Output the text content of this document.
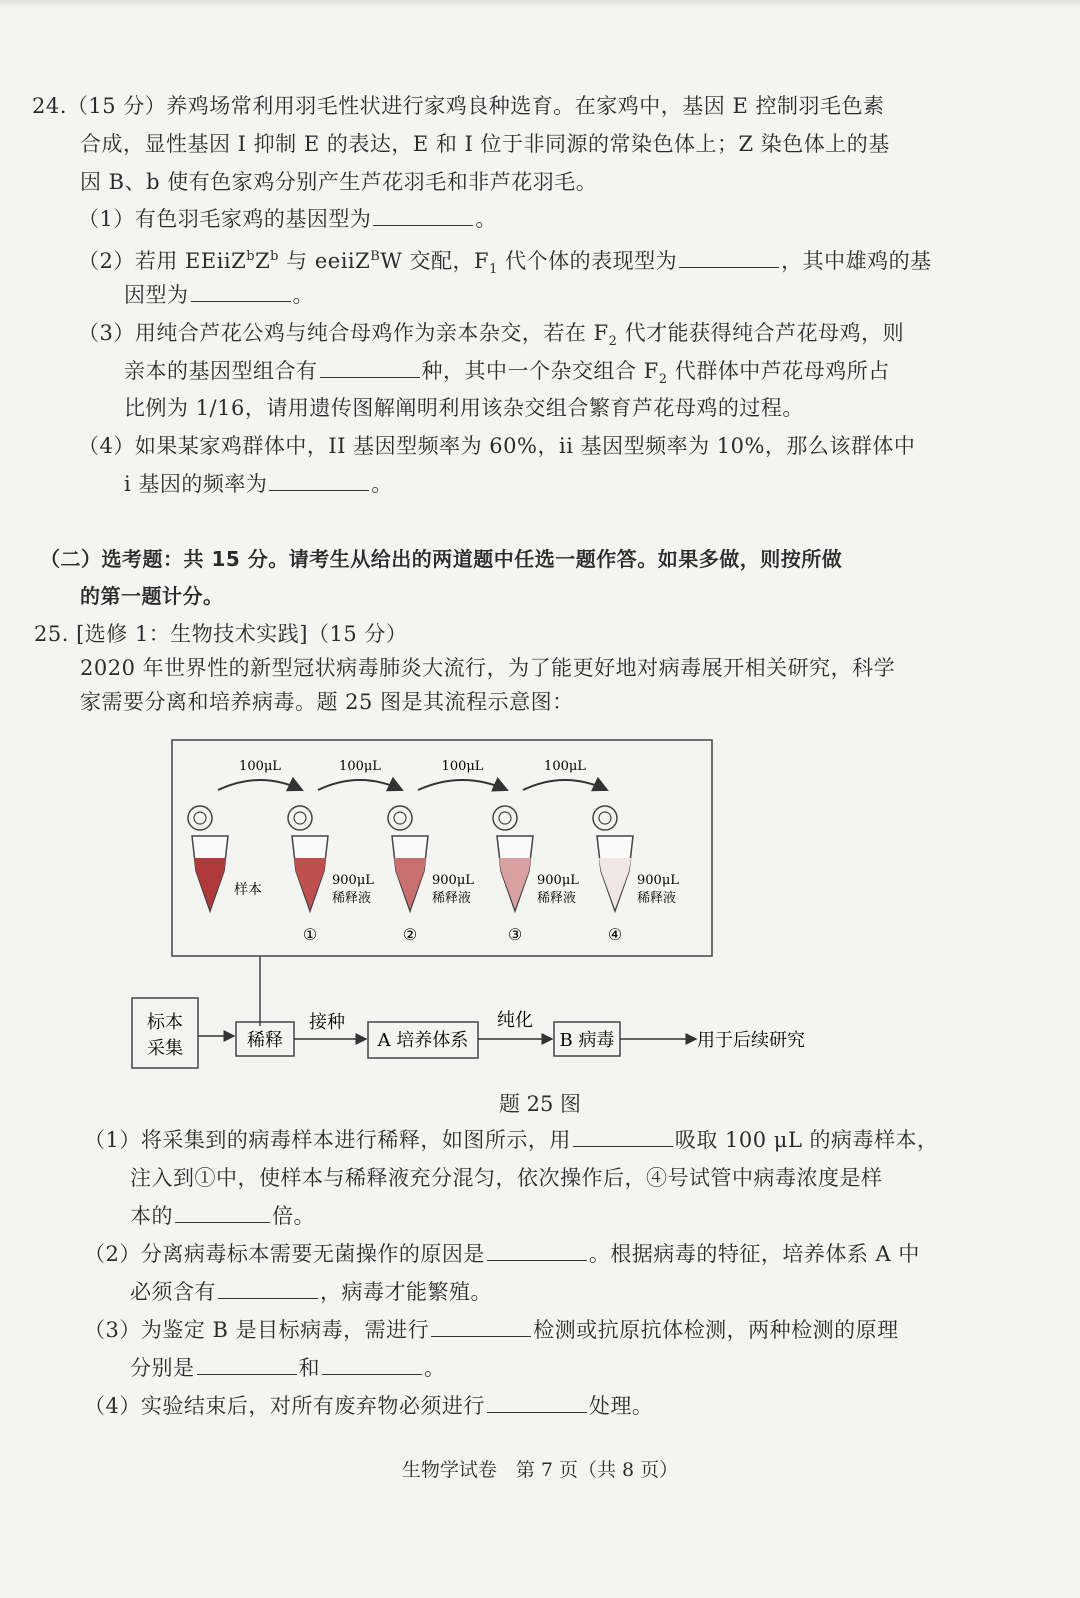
24.（15 分）养鸡场常利用羽毛性状进行家鸡良种选育。在家鸡中，基因 E 控制羽毛色素
合成，显性基因 I 抑制 E 的表达，E 和 I 位于非同源的常染色体上；Z 染色体上的基
因 B、b 使有色家鸡分别产生芦花羽毛和非芦花羽毛。
（1）有色羽毛家鸡的基因型为	。
（2）若用 $EEiiZ^bZ^b$ 与 eeiiZ$^B$W 交配，$F_1$ 代个体的表现型为	，其中雄鸡的基
因型为	。
（3）用纯合芦花公鸡与纯合母鸡作为亲本杂交，若在 $F_2$ 代才能获得纯合芦花母鸡，则
亲本的基因型组合有	种，其中一个杂交组合 $F_2$ 代群体中芦花母鸡所占
比例为 1/16，请用遗传图解阐明利用该杂交组合繁育芦花母鸡的过程。
（4）如果某家鸡群体中，II 基因型频率为 60%，ii 基因型频率为 10%，那么该群体中
i 基因的频率为	。
（二）选考题：共 15 分。请考生从给出的两道题中任选一题作答。如果多做，则按所做
的第一题计分。
25. [选修 1：生物技术实践]（15 分）
2020 年世界性的新型冠状病毒肺炎大流行，为了能更好地对病毒展开相关研究，科学
家需要分离和培养病毒。题 25 图是其流程示意图：
样本
900μL
稀释液
①
100μL
900μL
稀释液
②
100μL
900μL
稀释液
③
100μL
900μL
稀释液
④
100μL
标本
采集	稀释
接种
A 培养体系
纯化
B 病毒	用于后续研究
题 25 图
（1）将采集到的病毒样本进行稀释，如图所示，用	吸取 100 μL 的病毒样本，
注入到①中，使样本与稀释液充分混匀，依次操作后，④号试管中病毒浓度是样
本的	倍。
（2）分离病毒标本需要无菌操作的原因是	。根据病毒的特征，培养体系 A 中
必须含有	，病毒才能繁殖。
（3）为鉴定 B 是目标病毒，需进行	检测或抗原抗体检测，两种检测的原理
分别是	和	。
（4）实验结束后，对所有废弃物必须进行	处理。
生物学试卷　第 7 页（共 8 页）
